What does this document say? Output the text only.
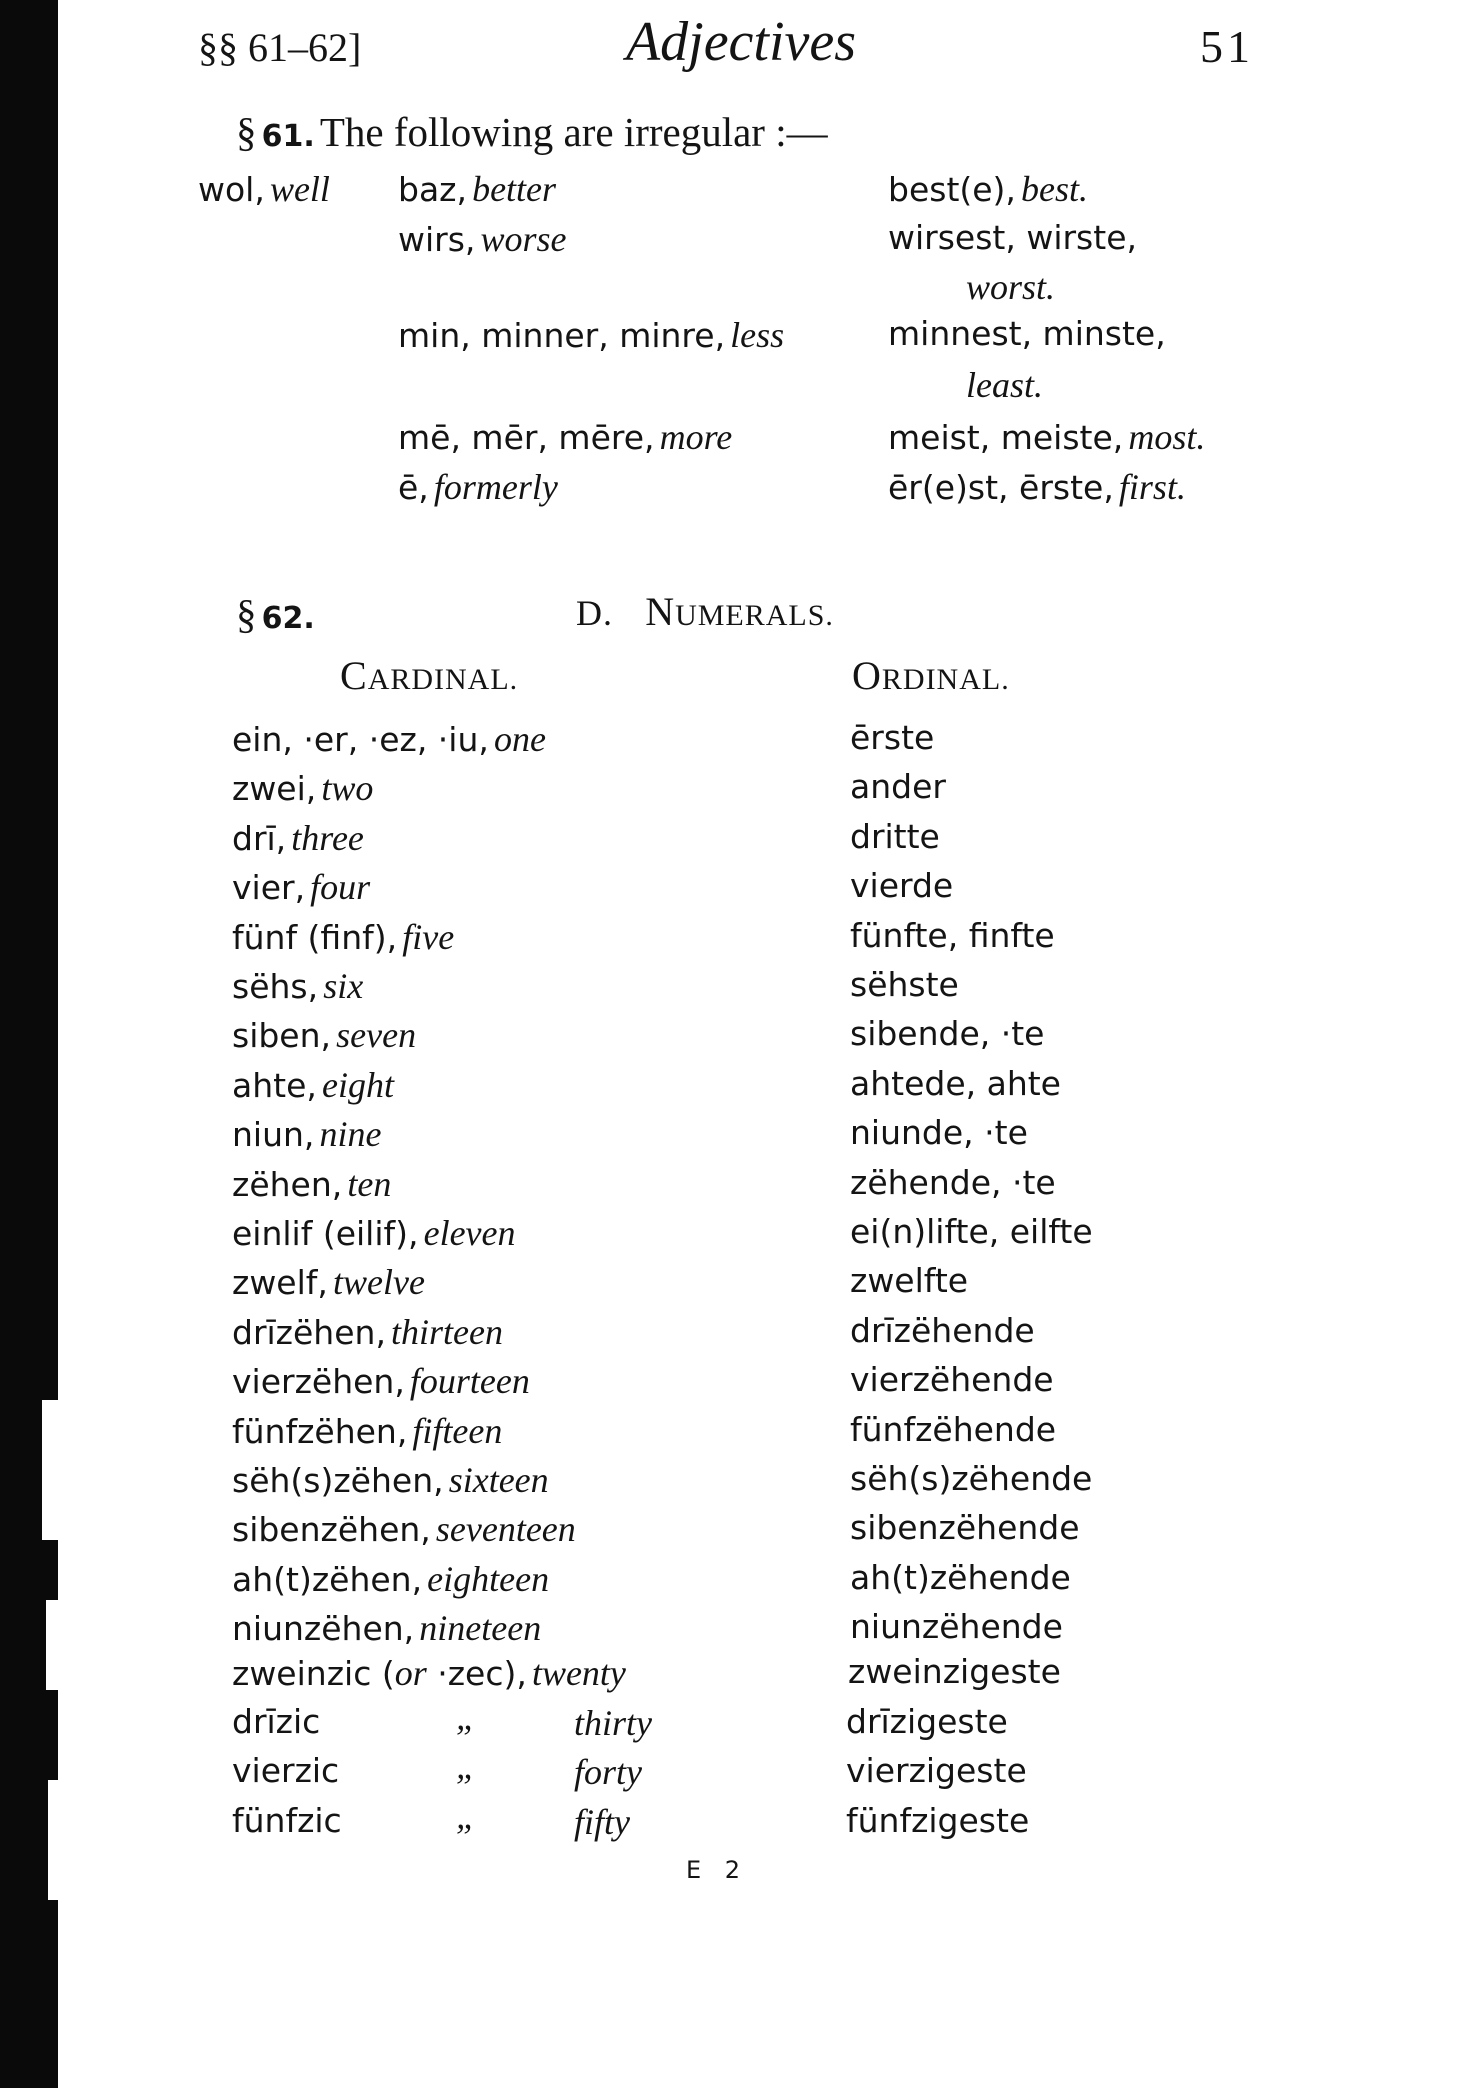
§§ 61–62]	Adjectives	51
§ 61. The following are irregular :—
wol, well baz, better	best(e), best.
wirs, worse	wirsest, wirste,
worst.
min, minner, minre, less	minnest, minste,
least.
mē, mēr, mēre, more	meist, meiste, most.
ē, formerly	ēr(e)st, ērste, first.
§ 62.	D. NUMERALS.
CARDINAL.	ORDINAL.
ein, ·er, ·ez, ·iu, one	ērste
zwei, two	ander
drī, three	dritte
vier, four	vierde
fünf (finf), five	fünfte, finfte
sëhs, six	sëhste
siben, seven	sibende, ·te
ahte, eight	ahtede, ahte
niun, nine	niunde, ·te
zëhen, ten	zëhende, ·te
einlif (eilif), eleven	ei(n)lifte, eilfte
zwelf, twelve	zwelfte
drīzëhen, thirteen	drīzëhende
vierzëhen, fourteen	vierzëhende
fünfzëhen, fifteen	fünfzëhende
sëh(s)zëhen, sixteen	sëh(s)zëhende
sibenzëhen, seventeen	sibenzëhende
ah(t)zëhen, eighteen	ah(t)zëhende
niunzëhen, nineteen	niunzëhende
zweinzic (or ·zec), twenty	zweinzigeste
drīzic	„	thirty	drīzigeste
vierzic	„	forty	vierzigeste
fünfzic	„	fifty	fünfzigeste
E 2
